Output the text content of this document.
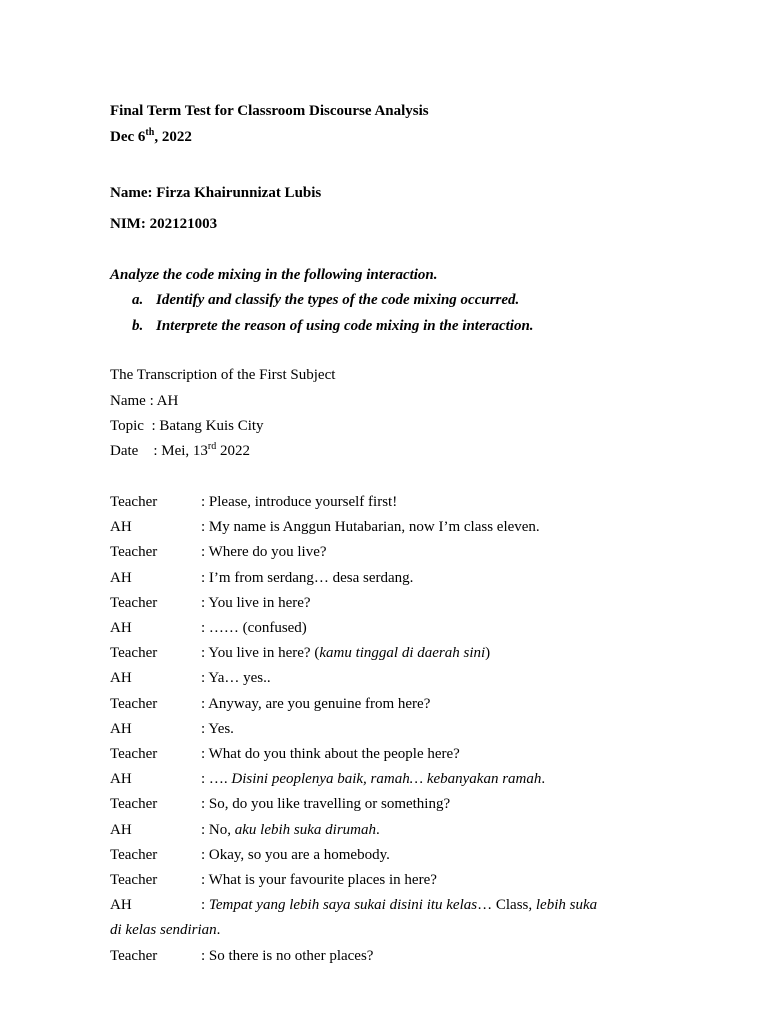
Final Term Test for Classroom Discourse Analysis
Dec 6th, 2022
Name: Firza Khairunnizat Lubis
NIM: 202121003
Analyze the code mixing in the following interaction.
a. Identify and classify the types of the code mixing occurred.
b. Interprete the reason of using code mixing in the interaction.
The Transcription of the First Subject
Name : AH
Topic : Batang Kuis City
Date : Mei, 13rd 2022
Teacher	: Please, introduce yourself first!
AH	: My name is Anggun Hutabarian, now I’m class eleven.
Teacher	: Where do you live?
AH	: I’m from serdang… desa serdang.
Teacher	: You live in here?
AH	: …… (confused)
Teacher	: You live in here? (kamu tinggal di daerah sini)
AH	: Ya… yes..
Teacher	: Anyway, are you genuine from here?
AH	: Yes.
Teacher	: What do you think about the people here?
AH	: …. Disini peoplenya baik, ramah… kebanyakan ramah.
Teacher	: So, do you like travelling or something?
AH	: No, aku lebih suka dirumah.
Teacher	: Okay, so you are a homebody.
Teacher	: What is your favourite places in here?
AH	: Tempat yang lebih saya sukai disini itu kelas… Class, lebih suka
di kelas sendirian.
Teacher	: So there is no other places?
